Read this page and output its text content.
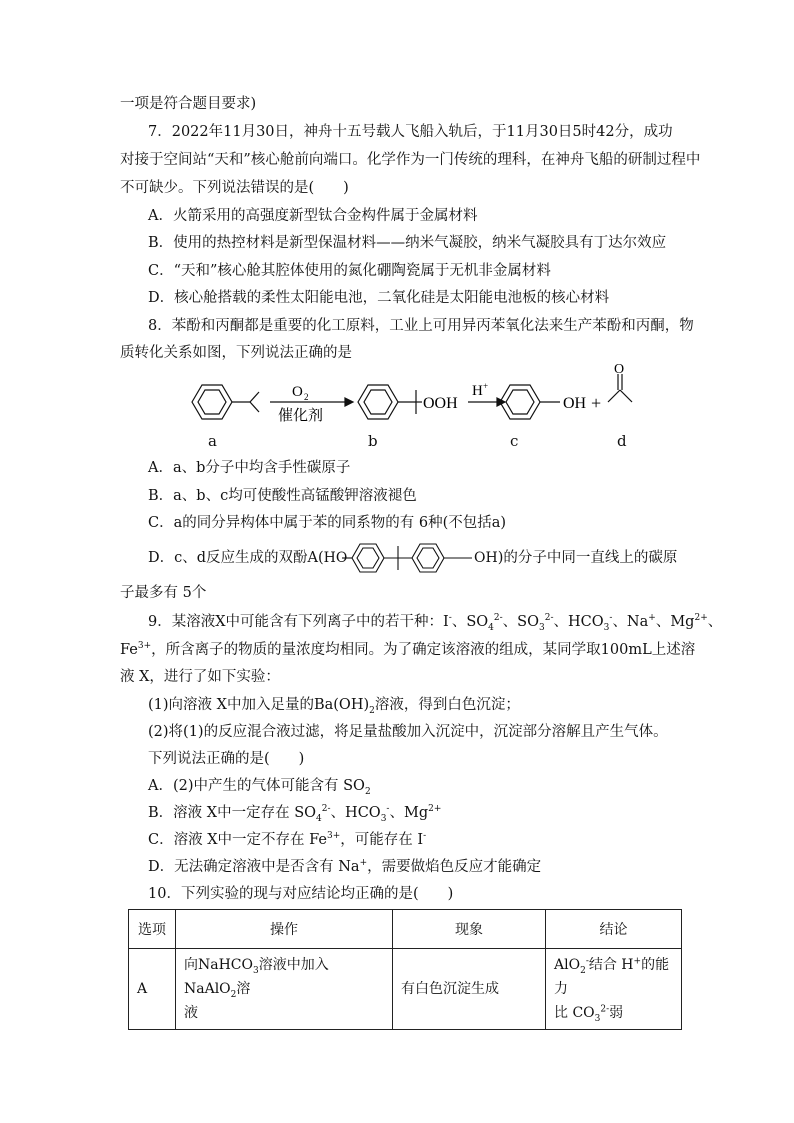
一项是符合题目要求)
7．2022年11月30日，神舟十五号载人飞船入轨后，于11月30日5时42分，成功
对接于空间站“天和”核心舱前向端口。化学作为一门传统的理科，在神舟飞船的研制过程中
不可缺少。下列说法错误的是(　　)
A．火箭采用的高强度新型钛合金构件属于金属材料
B．使用的热控材料是新型保温材料——纳米气凝胶，纳米气凝胶具有丁达尔效应
C．“天和”核心舱其腔体使用的氮化硼陶瓷属于无机非金属材料
D．核心舱搭载的柔性太阳能电池，二氧化硅是太阳能电池板的核心材料
8．苯酚和丙酮都是重要的化工原料，工业上可用异丙苯氧化法来生产苯酚和丙酮，物
质转化关系如图，下列说法正确的是
O 2
催化剂
OOH
H +
OH +
O
a	b	c	d
A．a、b分子中均含手性碳原子
B．a、b、c均可使酸性高锰酸钾溶液褪色
C．a的同分异构体中属于苯的同系物的有 6种(不包括a)
D．c、d反应生成的双酚A(HO	OH)的分子中同一直线上的碳原
子最多有 5个
9．某溶液X中可能含有下列离子中的若干种：I-、$SO_4^{2-}$、$SO_3^{2-}$、$HCO_3^-$、Na+、$Mg^{2+}$、
$Fe^{3+}$，所含离子的物质的量浓度均相同。为了确定该溶液的组成，某同学取100mL上述溶
液 X，进行了如下实验：
(1)向溶液 X中加入足量的$Ba(OH)_2$溶液，得到白色沉淀；
(2)将(1)的反应混合液过滤，将足量盐酸加入沉淀中，沉淀部分溶解且产生气体。
下列说法正确的是(　　)
A．(2)中产生的气体可能含有 $SO_2$
B．溶液 X中一定存在 $SO_4^{2-}$、$HCO_3^-$、$Mg^{2+}$
C．溶液 X中一定不存在 $Fe^{3+}$，可能存在 I-
D．无法确定溶液中是否含有 Na+，需要做焰色反应才能确定
10．下列实验的现与对应结论均正确的是(　　)
选项	操作	现象	结论
A	向NaHCO$_3$溶液中加入 NaAlO$_2$溶
液	有白色沉淀生成	AlO$_2$-结合 H+的能力
比 $CO_3^{2-}$弱
